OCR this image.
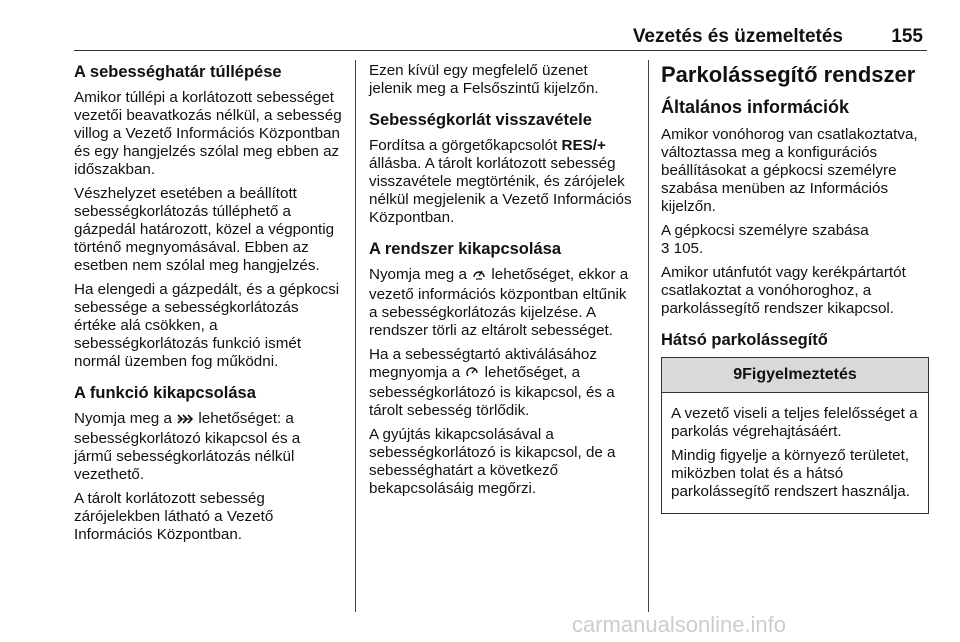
Vezetés és üzemeltetés	155
A sebességhatár túllépése

Amikor túllépi a korlátozott sebességet vezetői beavatkozás nélkül, a sebesség villog a Vezető Információs Központban és egy hangjelzés szólal meg ebben az időszakban.

Vészhelyzet esetében a beállított sebességkorlátozás túlléphető a gázpedál határozott, közel a végpontig történő megnyomásával. Ebben az esetben nem szólal meg hangjelzés.

Ha elengedi a gázpedált, és a gépkocsi sebessége a sebességkorlátozás értéke alá csökken, a sebességkorlátozás funkció ismét normál üzemben fog működni.

A funkció kikapcsolása

Nyomja meg a lehetőséget: a sebességkorlátozó kikapcsol és a jármű sebességkorlátozás nélkül vezethető.

A tárolt korlátozott sebesség zárójelekben látható a Vezető Információs Központban.

Ezen kívül egy megfelelő üzenet jelenik meg a Felsőszintű kijelzőn.

Sebességkorlát visszavétele

Fordítsa a görgetőkapcsolót RES/+ állásba. A tárolt korlátozott sebesség visszavétele megtörténik, és zárójelek nélkül megjelenik a Vezető Információs Központban.

A rendszer kikapcsolása

Nyomja meg a lehetőséget, ekkor a vezető információs központban eltűnik a sebességkorlátozás kijelzése. A rendszer törli az eltárolt sebességet.

Ha a sebességtartó aktiválásához megnyomja a lehetőséget, a sebességkorlátozó is kikapcsol, és a tárolt sebesség törlődik.

A gyújtás kikapcsolásával a sebességkorlátozó is kikapcsol, de a sebességhatárt a következő bekapcsolásáig megőrzi.

Parkolássegítő rendszer
Általános információk

Amikor vonóhorog van csatlakoztatva, változtassa meg a konfigurációs beállításokat a gépkocsi személyre szabása menüben az Információs kijelzőn.

A gépkocsi személyre szabása
3 105.

Amikor utánfutót vagy kerékpártartót csatlakoztat a vonóhoroghoz, a parkolássegítő rendszer kikapcsol.

Hátsó parkolássegítő
9Figyelmeztetés

A vezető viseli a teljes felelősséget a parkolás végrehajtásáért.

Mindig figyelje a környező területet, miközben tolat és a hátsó parkolássegítő rendszert használja.

carmanualsonline.info
